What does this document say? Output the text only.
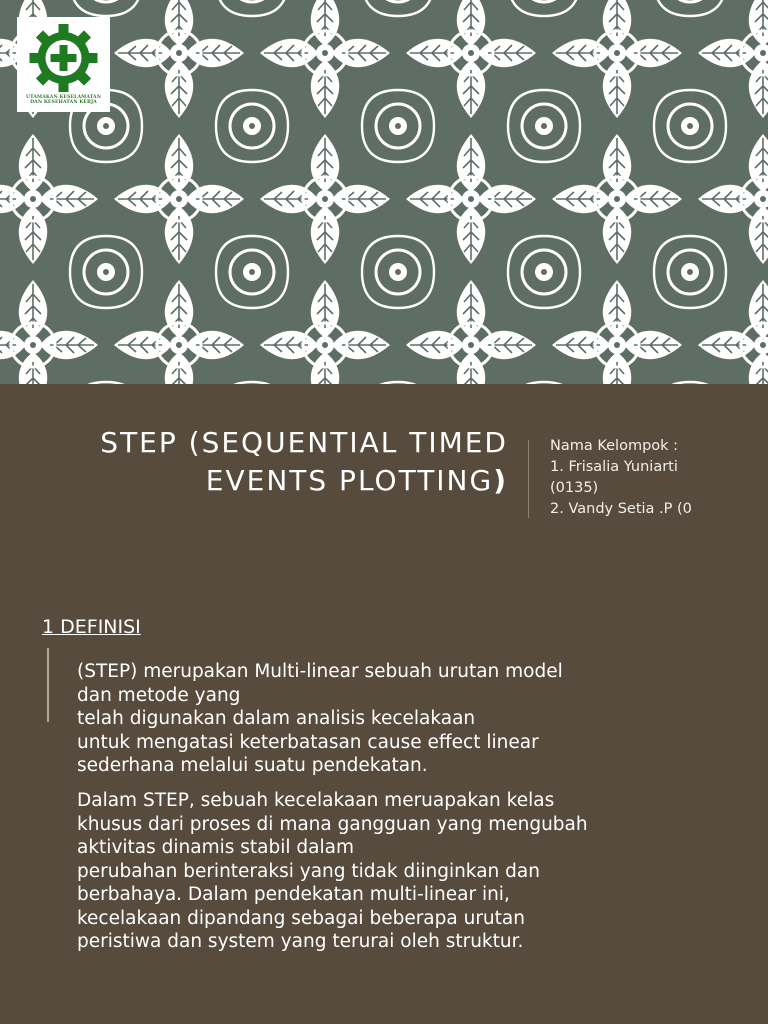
UTAMAKAN KESELAMATAN
DAN KESEHATAN KERJA
STEP (SEQUENTIAL TIMED
EVENTS PLOTTING)
Nama Kelompok :
1. Frisalia Yuniarti
(0135)
2. Vandy Setia .P (0
1 DEFINISI
(STEP) merupakan Multi-linear sebuah urutan model
dan metode yang
telah digunakan dalam analisis kecelakaan
untuk mengatasi keterbatasan cause effect linear
sederhana melalui suatu pendekatan.
Dalam STEP, sebuah kecelakaan meruapakan kelas
khusus dari proses di mana gangguan yang mengubah
aktivitas dinamis stabil dalam
perubahan berinteraksi yang tidak diinginkan dan
berbahaya. Dalam pendekatan multi-linear ini,
kecelakaan dipandang sebagai beberapa urutan
peristiwa dan system yang terurai oleh struktur.
